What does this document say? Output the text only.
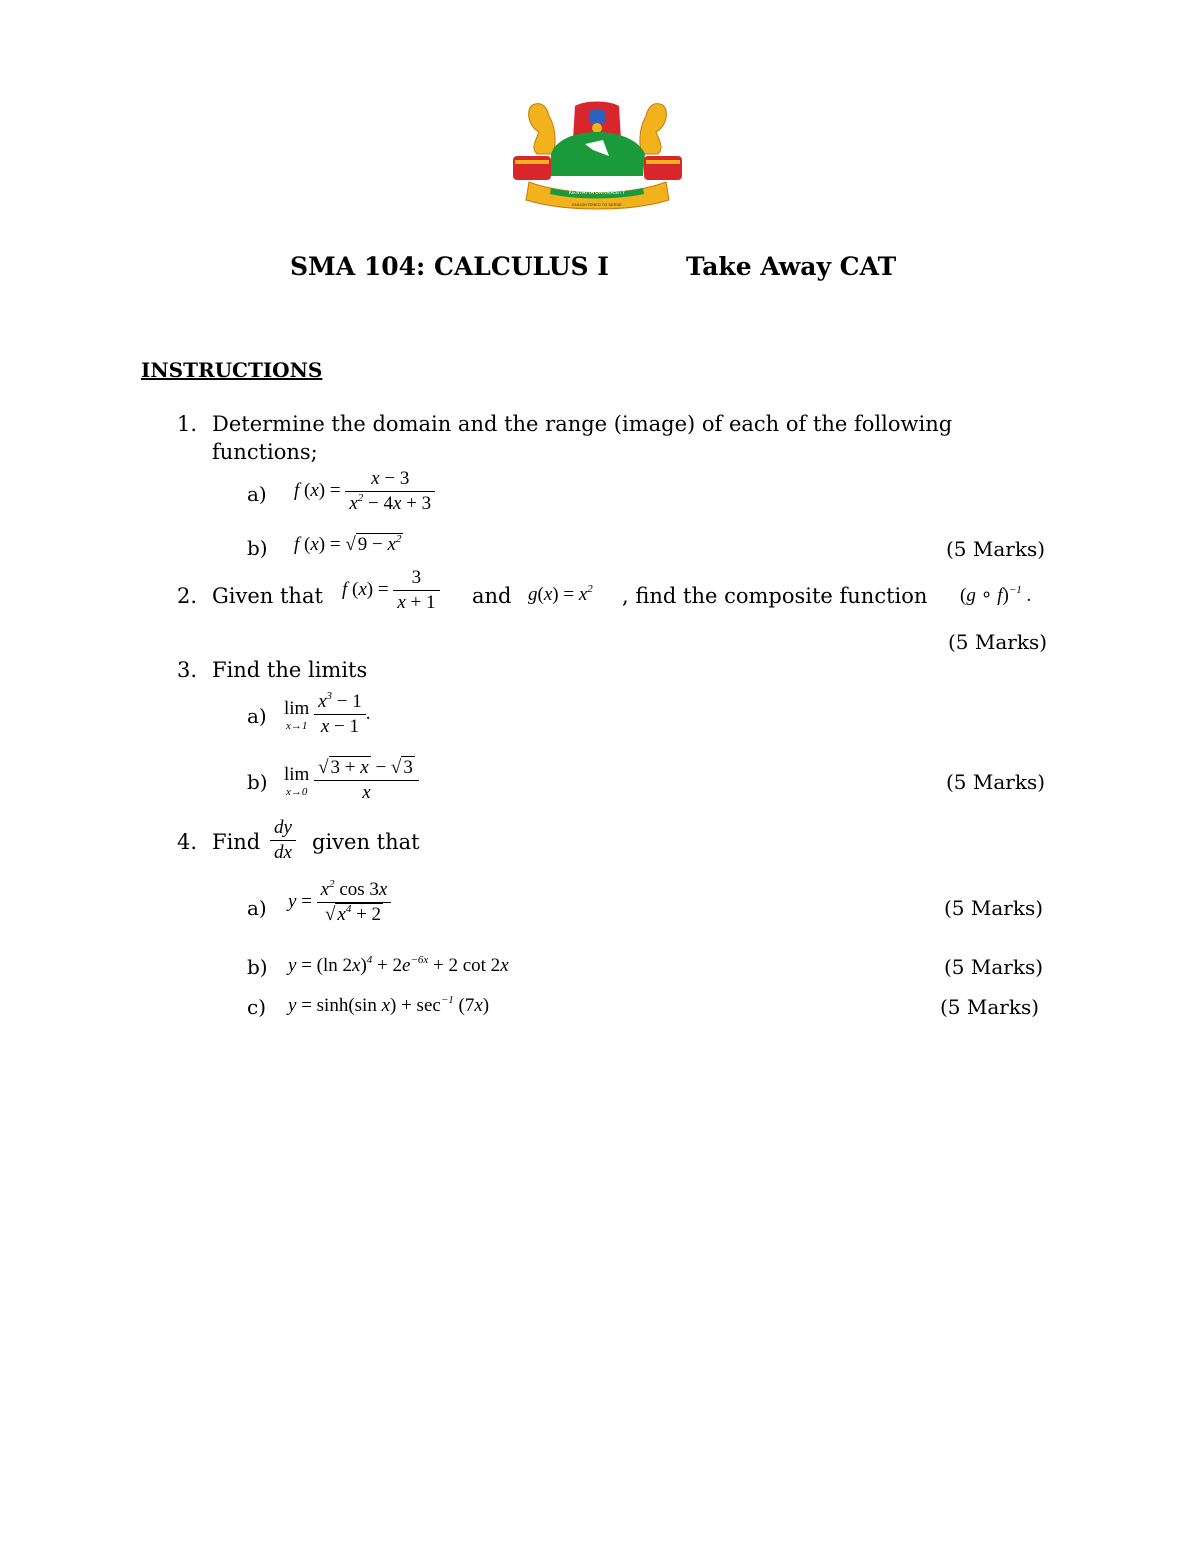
KENYATTA UNIVERSITY
ENLIGHTENED TO SERVE
SMA 104: CALCULUS I	Take Away CAT
INSTRUCTIONS
1. Determine the domain and the range (image) of each of the following
functions;
a) f $(x) = \frac{x - 3}{x^2 - 4x + 3}$
b) f (x) = √ $9 - x^2$	(5 Marks)
2. Given that f $(x) = \frac{3}{x + 1}$ and $g(x) = x^2$ , find the composite function (g ∘ f)$^{-1}$ .
(5 Marks)
3. Find the limits
a) lim
x→1
$\frac{x^3 - 1}{x - 1}$ .
b) lim
x→0
$\frac{√ 3 + x - √ 3}{x}$	(5 Marks)
4. Find $\frac{dy}{dx}$ given that
a) $y = \frac{x^2 \cos 3x}{√ x^4 + 2}$	(5 Marks)
b) y = (ln $2x)^4 + 2e^{-6x} + 2$ cot 2x	(5 Marks)
c) y = sinh(sin $x) + \sec^{-1} (7x)$	(5 Marks)
